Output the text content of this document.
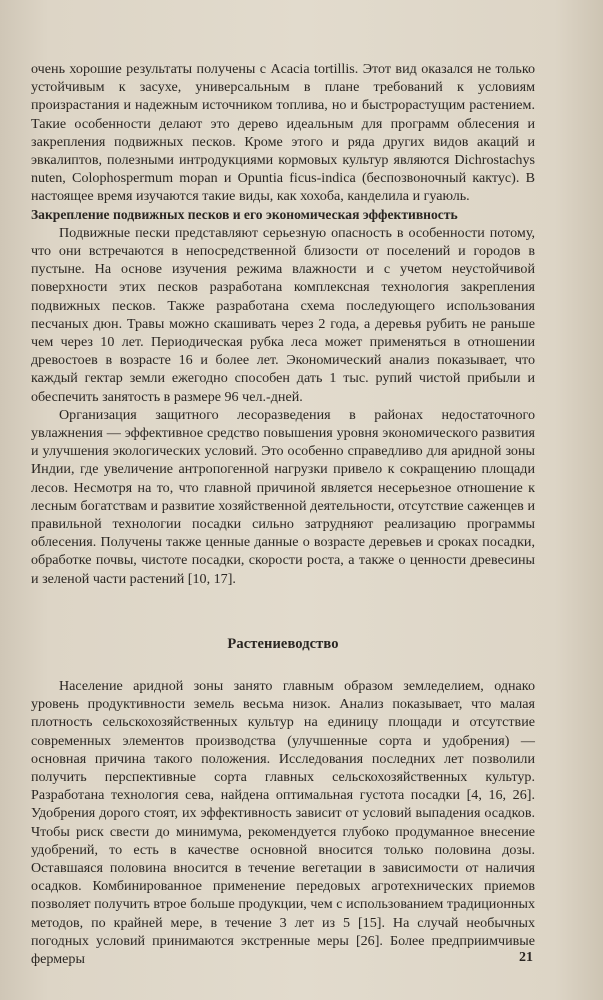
очень хорошие результаты получены с Acacia tortillis. Этот вид оказался не только устойчивым к засухе, универсальным в плане требований к условиям произрастания и надежным источником топлива, но и быстрорастущим растением. Такие особенности делают это дерево идеальным для программ облесения и закрепления подвижных песков. Кроме этого и ряда других видов акаций и эвкалиптов, полезными интродукциями кормовых культур являются Dichrostachys nuten, Colophospermum mopan и Opuntia ficus-indica (беспозвоночный кактус). В настоящее время изучаются такие виды, как хохоба, канделила и гуаюль.

Закрепление подвижных песков и его экономическая эффективность

Подвижные пески представляют серьезную опасность в особенности потому, что они встречаются в непосредственной близости от поселений и городов в пустыне. На основе изучения режима влажности и с учетом неустойчивой поверхности этих песков разработана комплексная технология закрепления подвижных песков. Также разработана схема последующего использования песчаных дюн. Травы можно скашивать через 2 года, а деревья рубить не раньше чем через 10 лет. Периодическая рубка леса может применяться в отношении древостоев в возрасте 16 и более лет. Экономический анализ показывает, что каждый гектар земли ежегодно способен дать 1 тыс. рупий чистой прибыли и обеспечить занятость в размере 96 чел.-дней.

Организация защитного лесоразведения в районах недостаточного увлажнения — эффективное средство повышения уровня экономического развития и улучшения экологических условий. Это особенно справедливо для аридной зоны Индии, где увеличение антропогенной нагрузки привело к сокращению площади лесов. Несмотря на то, что главной причиной является несерьезное отношение к лесным богатствам и развитие хозяйственной деятельности, отсутствие саженцев и правильной технологии посадки сильно затрудняют реализацию программы облесения. Получены также ценные данные о возрасте деревьев и сроках посадки, обработке почвы, чистоте посадки, скорости роста, а также о ценности древесины и зеленой части растений [10, 17].

Растениеводство

Население аридной зоны занято главным образом земледелием, однако уровень продуктивности земель весьма низок. Анализ показывает, что малая плотность сельскохозяйственных культур на единицу площади и отсутствие современных элементов производства (улучшенные сорта и удобрения) — основная причина такого положения. Исследования последних лет позволили получить перспективные сорта главных сельскохозяйственных культур. Разработана технология сева, найдена оптимальная густота посадки [4, 16, 26]. Удобрения дорого стоят, их эффективность зависит от условий выпадения осадков. Чтобы риск свести до минимума, рекомендуется глубоко продуманное внесение удобрений, то есть в качестве основной вносится только половина дозы. Оставшаяся половина вносится в течение вегетации в зависимости от наличия осадков. Комбинированное применение передовых агротехнических приемов позволяет получить втрое больше продукции, чем с использованием традиционных методов, по крайней мере, в течение 3 лет из 5 [15]. На случай необычных погодных условий принимаются экстренные меры [26]. Более предприимчивые фермеры	21
